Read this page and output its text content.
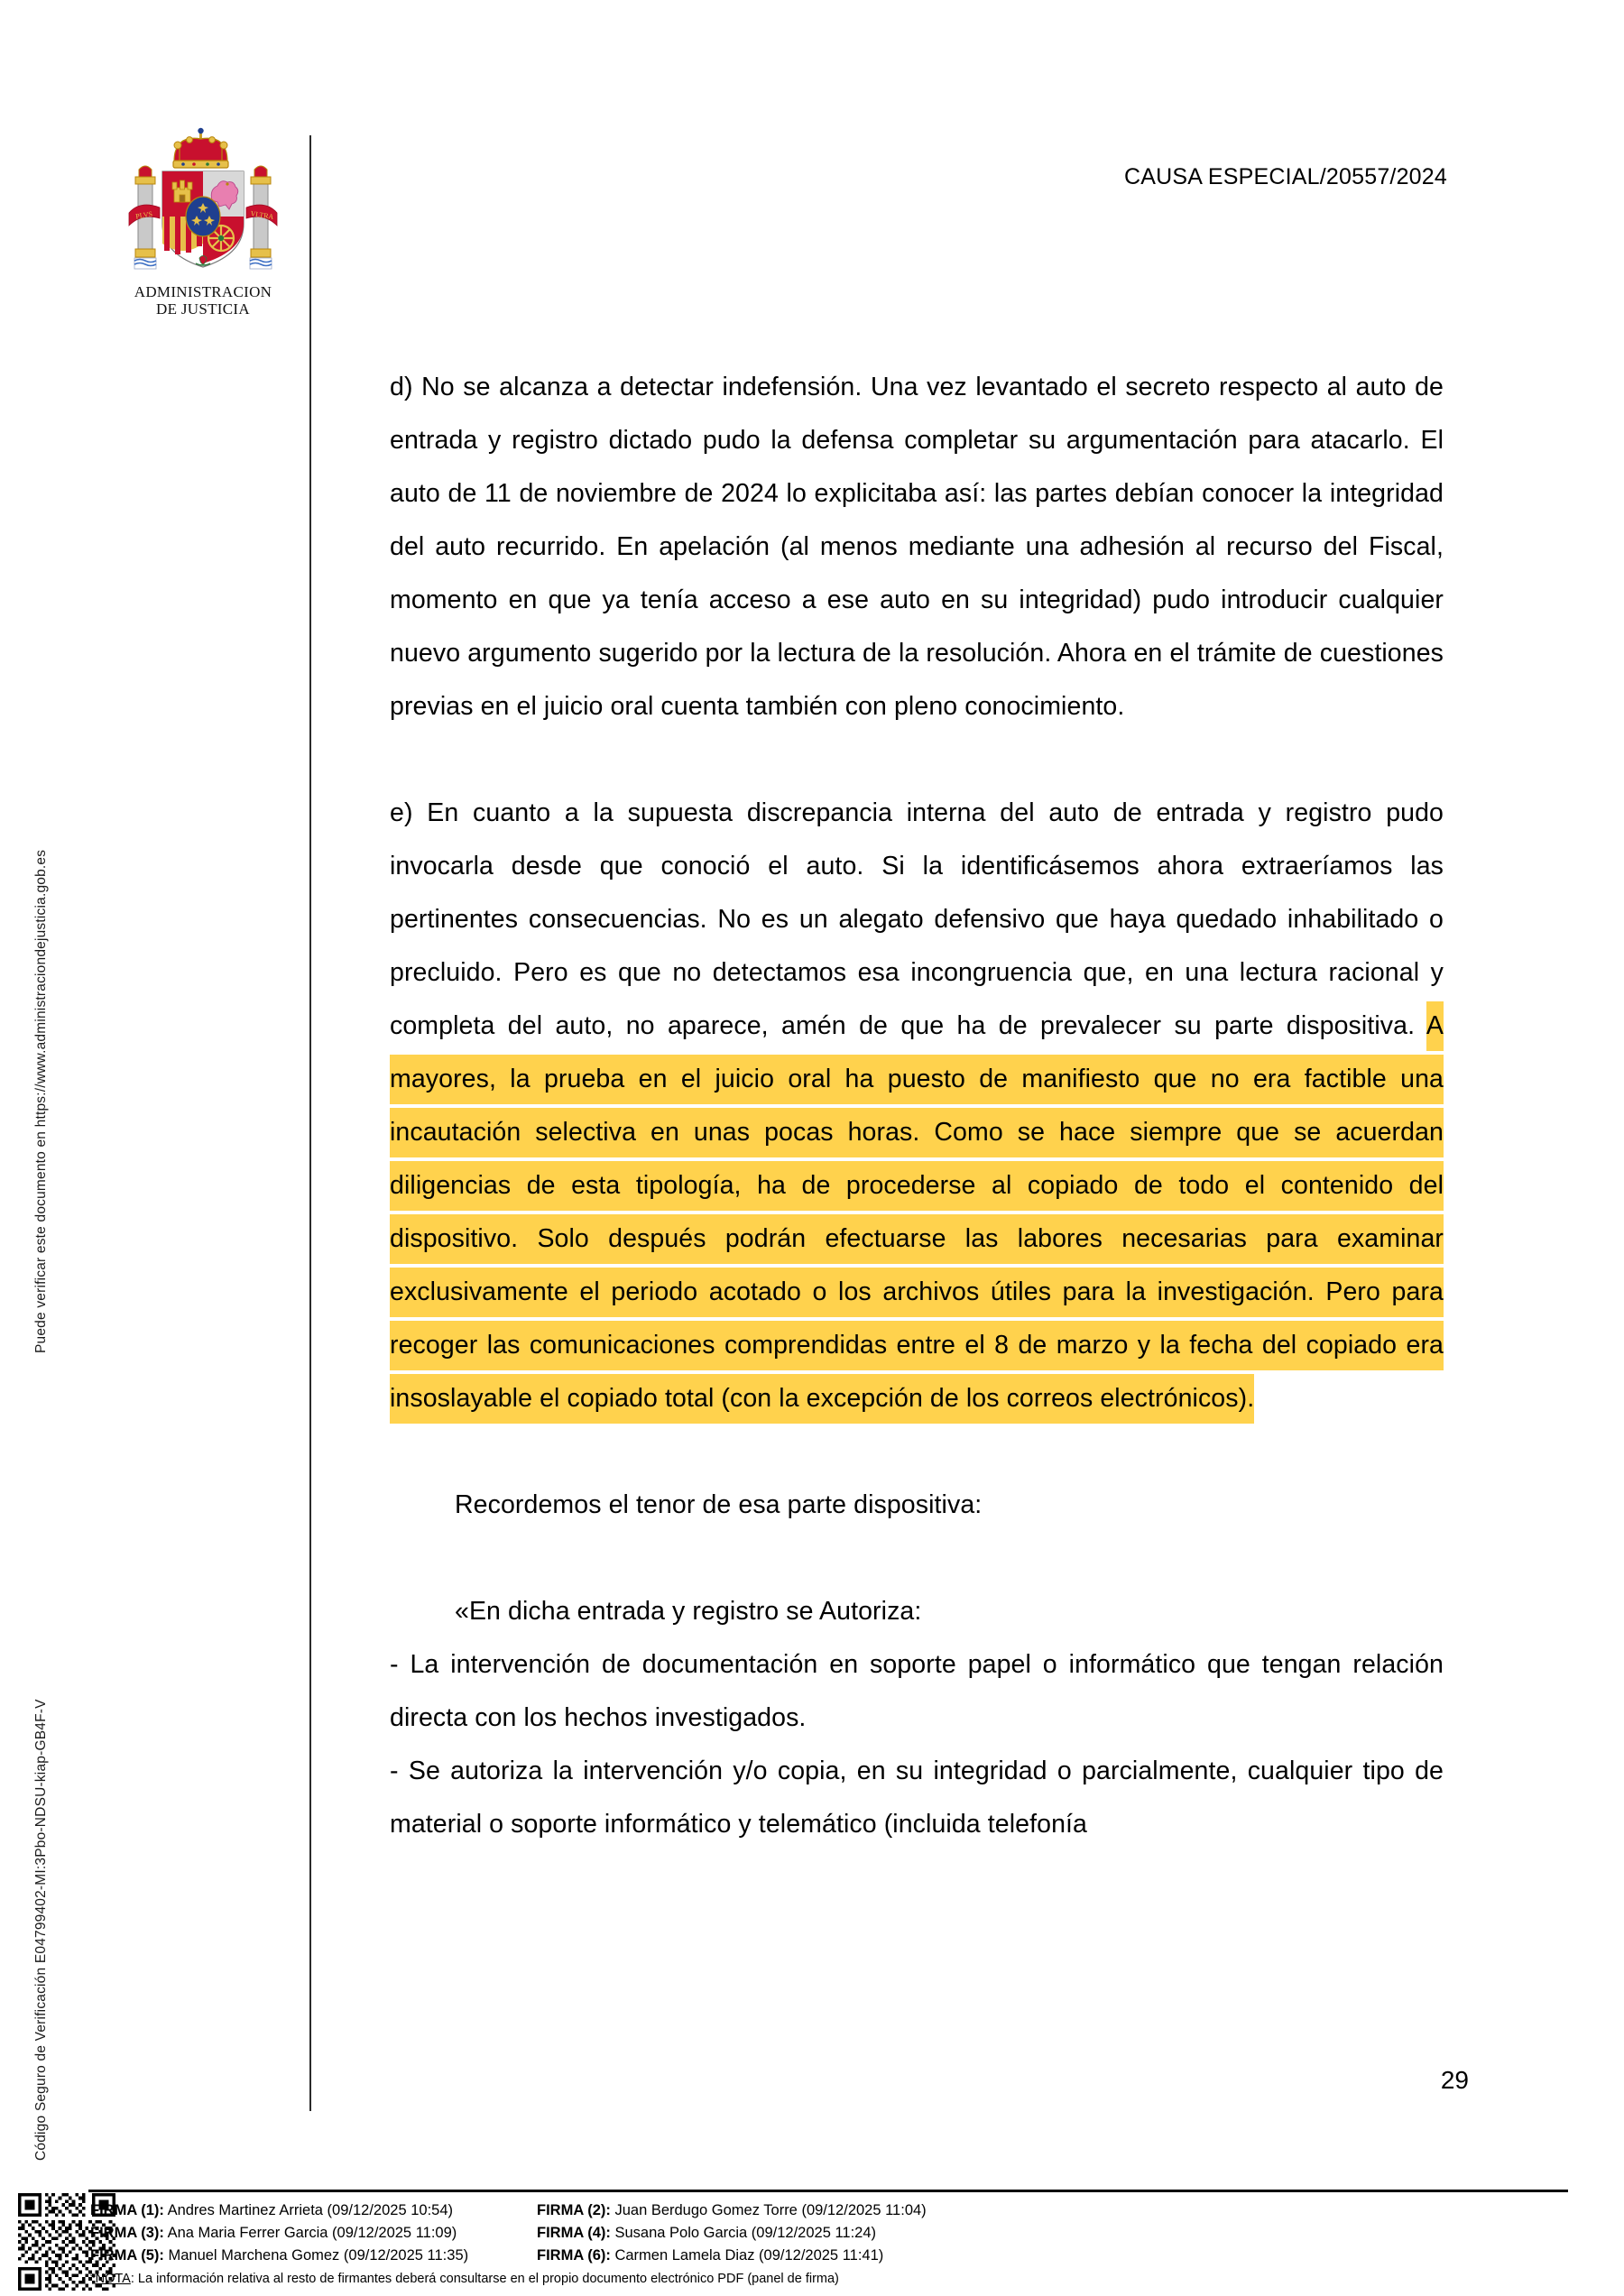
Código Seguro de Verificación E04799402-MI:3Pbo-NDSU-kiap-GB4F-V
Puede verificar este documento en https://www.administraciondejusticia.gob.es
PLVS	VLTRA
ADMINISTRACION
DE JUSTICIA
CAUSA ESPECIAL/20557/2024

d) No se alcanza a detectar indefensión. Una vez levantado el secreto respecto al auto de entrada y registro dictado pudo la defensa completar su argumentación para atacarlo. El auto de 11 de noviembre de 2024 lo explicitaba así: las partes debían conocer la integridad del auto recurrido. En apelación (al menos mediante una adhesión al recurso del Fiscal, momento en que ya tenía acceso a ese auto en su integridad) pudo introducir cualquier nuevo argumento sugerido por la lectura de la resolución. Ahora en el trámite de cuestiones previas en el juicio oral cuenta también con pleno conocimiento.

e) En cuanto a la supuesta discrepancia interna del auto de entrada y registro pudo invocarla desde que conoció el auto. Si la identificásemos ahora extraeríamos las pertinentes consecuencias. No es un alegato defensivo que haya quedado inhabilitado o precluido. Pero es que no detectamos esa incongruencia que, en una lectura racional y completa del auto, no aparece, amén de que ha de prevalecer su parte dispositiva. A mayores, la prueba en el juicio oral ha puesto de manifiesto que no era factible una incautación selectiva en unas pocas horas. Como se hace siempre que se acuerdan diligencias de esta tipología, ha de procederse al copiado de todo el contenido del dispositivo. Solo después podrán efectuarse las labores necesarias para examinar exclusivamente el periodo acotado o los archivos útiles para la investigación. Pero para recoger las comunicaciones comprendidas entre el 8 de marzo y la fecha del copiado era insoslayable el copiado total (con la excepción de los correos electrónicos).

Recordemos el tenor de esa parte dispositiva:

«En dicha entrada y registro se Autoriza:

- La intervención de documentación en soporte papel o informático que tengan relación directa con los hechos investigados.

- Se autoriza la intervención y/o copia, en su integridad o parcialmente, cualquier tipo de material o soporte informático y telemático (incluida telefonía

29
FIRMA (1): Andres Martinez Arrieta (09/12/2025 10:54)	FIRMA (2): Juan Berdugo Gomez Torre (09/12/2025 11:04)
FIRMA (3): Ana Maria Ferrer Garcia (09/12/2025 11:09)	FIRMA (4): Susana Polo Garcia (09/12/2025 11:24)
FIRMA (5): Manuel Marchena Gomez (09/12/2025 11:35)	FIRMA (6): Carmen Lamela Diaz (09/12/2025 11:41)
*NOTA: La información relativa al resto de firmantes deberá consultarse en el propio documento electrónico PDF (panel de firma)
